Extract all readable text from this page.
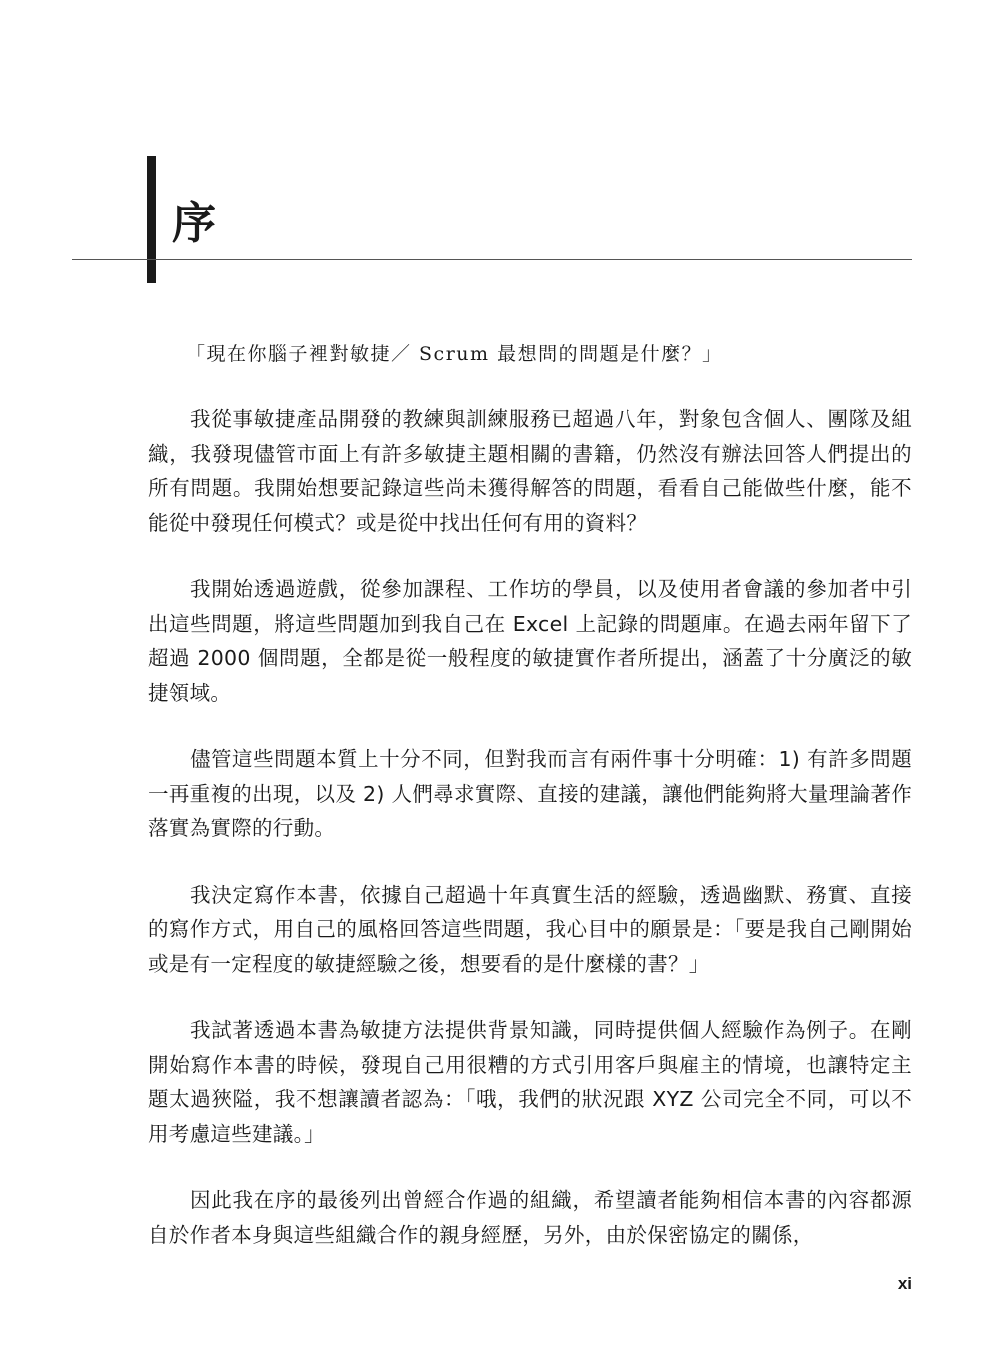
序

「現在你腦子裡對敏捷／ Scrum 最想問的問題是什麼？」

我從事敏捷產品開發的教練與訓練服務已超過八年，對象包含個人、團隊及組織，我發現儘管市面上有許多敏捷主題相關的書籍，仍然沒有辦法回答人們提出的所有問題。我開始想要記錄這些尚未獲得解答的問題，看看自己能做些什麼，能不能從中發現任何模式？或是從中找出任何有用的資料？

我開始透過遊戲，從參加課程、工作坊的學員，以及使用者會議的參加者中引出這些問題，將這些問題加到我自己在 Excel 上記錄的問題庫。在過去兩年留下了超過 2000 個問題，全都是從一般程度的敏捷實作者所提出，涵蓋了十分廣泛的敏捷領域。

儘管這些問題本質上十分不同，但對我而言有兩件事十分明確：1) 有許多問題一再重複的出現，以及 2) 人們尋求實際、直接的建議，讓他們能夠將大量理論著作落實為實際的行動。

我決定寫作本書，依據自己超過十年真實生活的經驗，透過幽默、務實、直接的寫作方式，用自己的風格回答這些問題，我心目中的願景是：「要是我自己剛開始或是有一定程度的敏捷經驗之後，想要看的是什麼樣的書？」

我試著透過本書為敏捷方法提供背景知識，同時提供個人經驗作為例子。在剛開始寫作本書的時候，發現自己用很糟的方式引用客戶與雇主的情境，也讓特定主題太過狹隘，我不想讓讀者認為：「哦，我們的狀況跟 XYZ 公司完全不同，可以不用考慮這些建議。」

因此我在序的最後列出曾經合作過的組織，希望讀者能夠相信本書的內容都源自於作者本身與這些組織合作的親身經歷，另外，由於保密協定的關係，

xi
